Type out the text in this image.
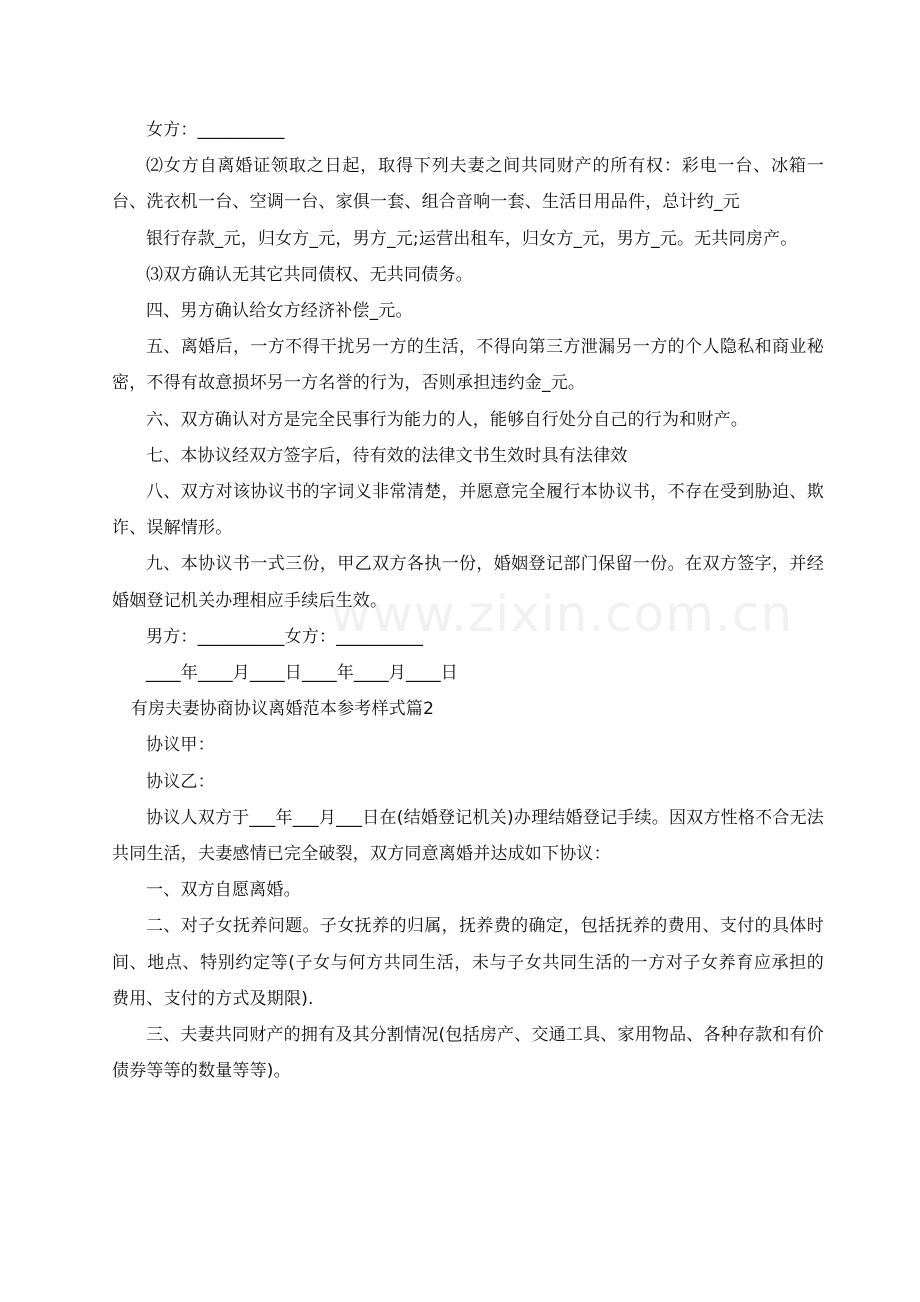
女方：__________

⑵女方自离婚证领取之日起，取得下列夫妻之间共同财产的所有权：彩电一台、冰箱一台、洗衣机一台、空调一台、家俱一套、组合音响一套、生活日用品件，总计约_元

银行存款_元，归女方_元，男方_元;运营出租车，归女方_元，男方_元。无共同房产。

⑶双方确认无其它共同债权、无共同债务。

四、男方确认给女方经济补偿_元。

五、离婚后，一方不得干扰另一方的生活，不得向第三方泄漏另一方的个人隐私和商业秘密，不得有故意损坏另一方名誉的行为，否则承担违约金_元。

六、双方确认对方是完全民事行为能力的人，能够自行处分自己的行为和财产。

七、本协议经双方签字后，待有效的法律文书生效时具有法律效

八、双方对该协议书的字词义非常清楚，并愿意完全履行本协议书，不存在受到胁迫、欺诈、误解情形。

九、本协议书一式三份，甲乙双方各执一份，婚姻登记部门保留一份。在双方签字，并经婚姻登记机关办理相应手续后生效。

男方：__________女方：__________

____年____月____日____年____月____日

有房夫妻协商协议离婚范本参考样式篇2

协议甲：

协议乙：

协议人双方于___年___月___日在(结婚登记机关)办理结婚登记手续。因双方性格不合无法共同生活，夫妻感情已完全破裂，双方同意离婚并达成如下协议：

一、双方自愿离婚。

二、对子女抚养问题。子女抚养的归属，抚养费的确定，包括抚养的费用、支付的具体时间、地点、特别约定等(子女与何方共同生活，未与子女共同生活的一方对子女养育应承担的费用、支付的方式及期限).

三、夫妻共同财产的拥有及其分割情况(包括房产、交通工具、家用物品、各种存款和有价债券等等的数量等等)。

www.zixin.com.cn
